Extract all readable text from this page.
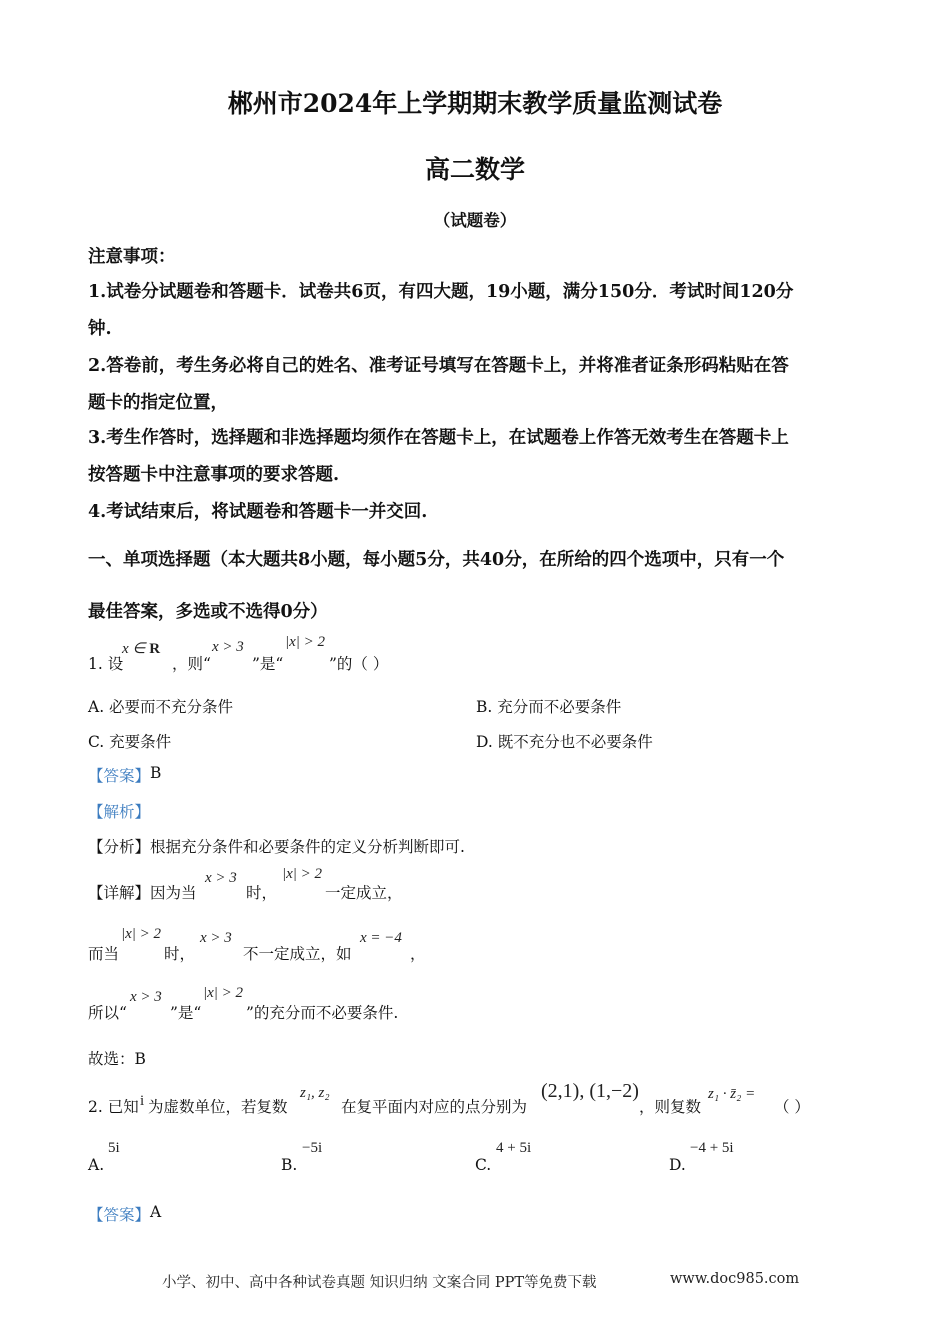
郴州市2024年上学期期末教学质量监测试卷
高二数学
（试题卷）
注意事项：
1.试卷分试题卷和答题卡．试卷共6页，有四大题，19小题，满分150分．考试时间120分
钟.
2.答卷前，考生务必将自己的姓名、准考证号填写在答题卡上，并将准者证条形码粘贴在答
题卡的指定位置，
3.考生作答时，选择题和非选择题均须作在答题卡上，在试题卷上作答无效考生在答题卡上
按答题卡中注意事项的要求答题.
4.考试结束后，将试题卷和答题卡一并交回.
一、单项选择题（本大题共8小题，每小题5分，共40分，在所给的四个选项中，只有一个
最佳答案，多选或不选得0分）
1. 设
x ∈ R
，则“
x > 3
”是“
|x| > 2
”的（ ）
A. 必要而不充分条件	B. 充分而不必要条件
C. 充要条件	D. 既不充分也不必要条件
【答案】 B
【解析】
【分析】根据充分条件和必要条件的定义分析判断即可.
【详解】因为当
x > 3
时，
|x| > 2
一定成立，
而当
|x| > 2
时，
x > 3
不一定成立，如
x = −4
，
所以“
x > 3
”是“
|x| > 2
”的充分而不必要条件.
故选：B
2. 已知 i 为虚数单位，若复数
z₁, z₂
在复平面内对应的点分别为
(2,1), (1,−2)
，则复数
z₁ · z̄₂ =
（ ）
A.
5i
B.
−5i
C.
4 + 5i
D.
−4 + 5i
【答案】 A
小学、初中、高中各种试卷真题 知识归纳 文案合同 PPT等免费下载	www.doc985.com
